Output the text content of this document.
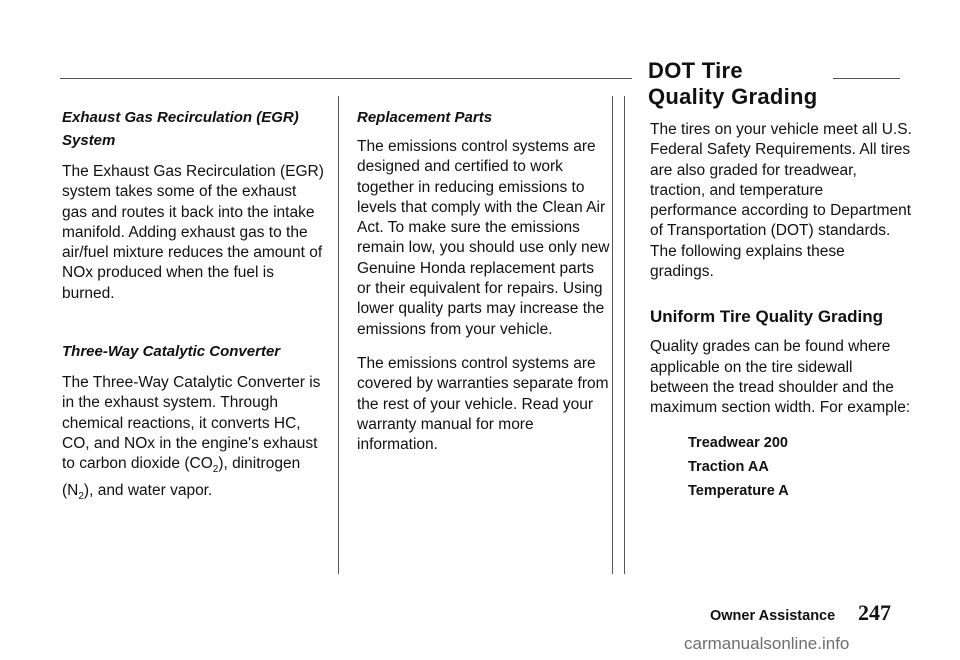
Exhaust Gas Recirculation (EGR) System

The Exhaust Gas Recirculation (EGR) system takes some of the exhaust gas and routes it back into the intake manifold. Adding exhaust gas to the air/fuel mixture reduces the amount of NOx produced when the fuel is burned.

Three-Way Catalytic Converter

The Three-Way Catalytic Converter is in the exhaust system. Through chemical reactions, it converts HC, CO, and NOx in the engine's exhaust to carbon dioxide $(CO_2)$, dinitrogen $(N_2)$, and water vapor.

Replacement Parts

The emissions control systems are designed and certified to work together in reducing emissions to levels that comply with the Clean Air Act. To make sure the emissions remain low, you should use only new Genuine Honda replacement parts or their equivalent for repairs. Using lower quality parts may increase the emissions from your vehicle.

The emissions control systems are covered by warranties separate from the rest of your vehicle. Read your warranty manual for more information.

DOT Tire
Quality Grading

The tires on your vehicle meet all U.S. Federal Safety Requirements. All tires are also graded for treadwear, traction, and temperature performance according to Department of Transportation (DOT) standards. The following explains these gradings.

Uniform Tire Quality Grading

Quality grades can be found where applicable on the tire sidewall between the tread shoulder and the maximum section width. For example:

Treadwear 200

Traction AA

Temperature A

Owner Assistance 247
carmanualsonline.info
